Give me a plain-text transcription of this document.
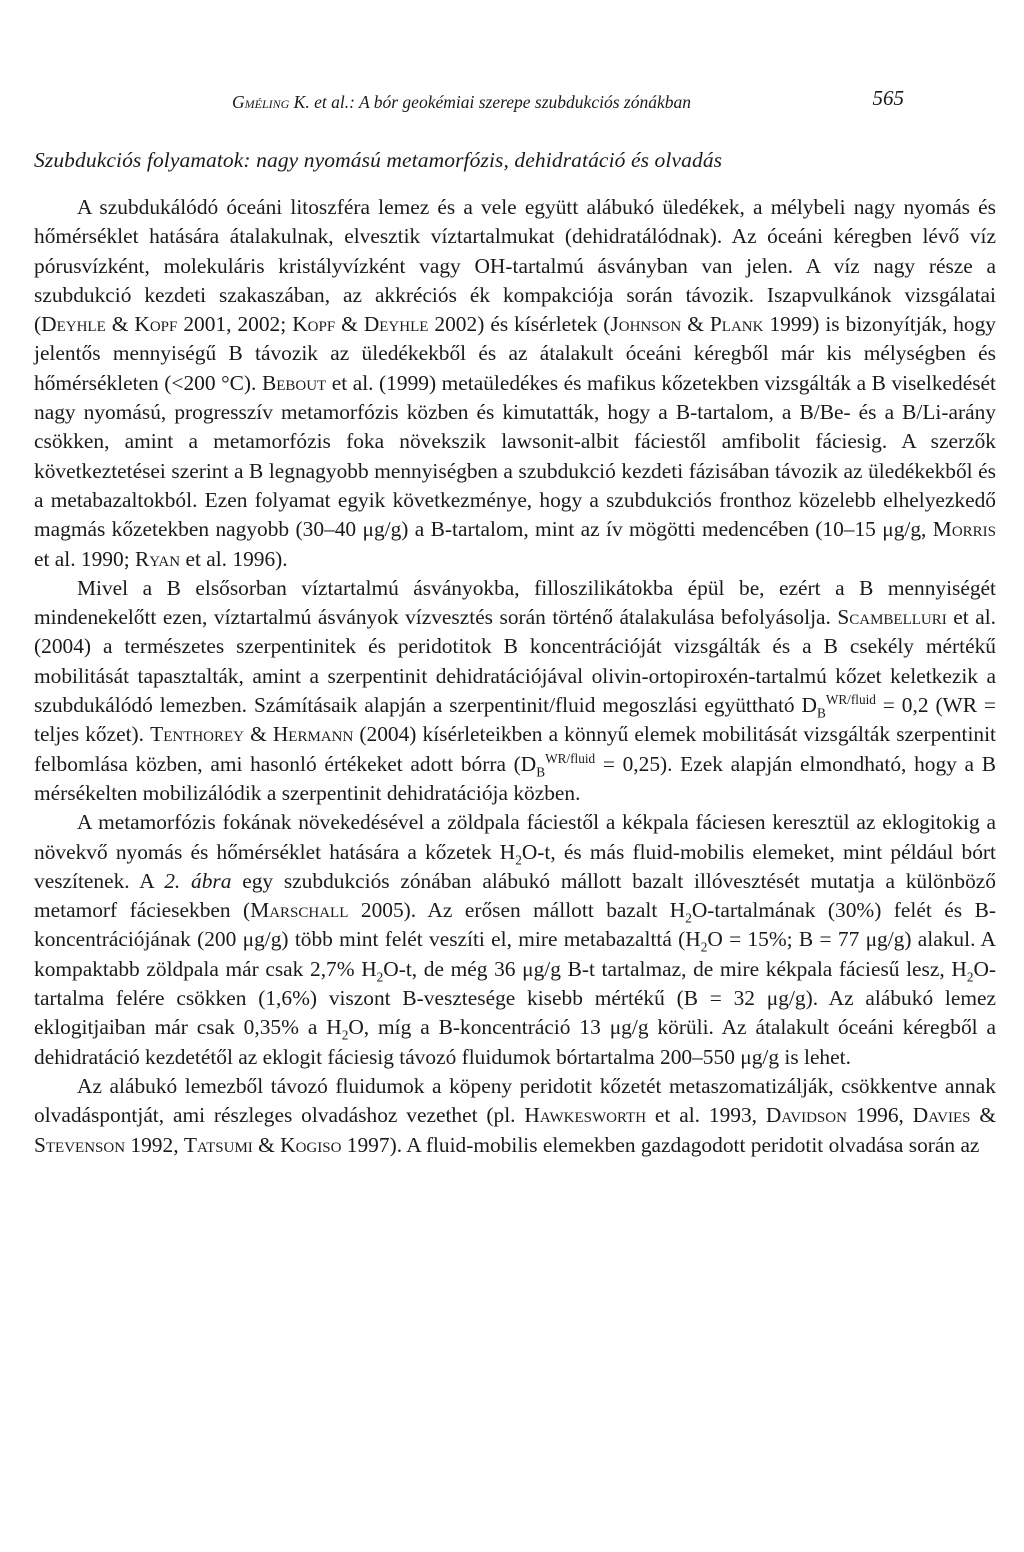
Gméling K. et al.: A bór geokémiai szerepe szubdukciós zónákban	565
Szubdukciós folyamatok: nagy nyomású metamorfózis, dehidratáció és olvadás

A szubdukálódó óceáni litoszféra lemez és a vele együtt alábukó üledékek, a mélybeli nagy nyomás és hőmérséklet hatására átalakulnak, elvesztik víztartalmukat (dehidratálódnak). Az óceáni kéregben lévő víz pórusvízként, molekuláris kristályvízként vagy OH-tartalmú ásványban van jelen. A víz nagy része a szubdukció kezdeti szakaszában, az akkréciós ék kompakciója során távozik. Iszapvulkánok vizsgálatai (Deyhle & Kopf 2001, 2002; Kopf & Deyhle 2002) és kísérletek (Johnson & Plank 1999) is bizonyítják, hogy jelentős mennyiségű B távozik az üledékekből és az átalakult óceáni kéregből már kis mélységben és hőmérsékleten (<200 °C). Bebout et al. (1999) metaüledékes és mafikus kőzetekben vizsgálták a B viselkedését nagy nyomású, progresszív metamorfózis közben és kimutatták, hogy a B-tartalom, a B/Be- és a B/Li-arány csökken, amint a metamorfózis foka növekszik lawsonit-albit fáciestől amfibolit fáciesig. A szerzők következtetései szerint a B legnagyobb mennyiségben a szubdukció kezdeti fázisában távozik az üledékekből és a metabazaltokból. Ezen folyamat egyik következménye, hogy a szubdukciós fronthoz közelebb elhelyezkedő magmás kőzetekben nagyobb (30–40 μg/g) a B-tartalom, mint az ív mögötti medencében (10–15 μg/g, Morris et al. 1990; Ryan et al. 1996).

Mivel a B elsősorban víztartalmú ásványokba, filloszilikátokba épül be, ezért a B mennyiségét mindenekelőtt ezen, víztartalmú ásványok vízvesztés során történő átalakulása befolyásolja. Scambelluri et al. (2004) a természetes szerpentinitek és peridotitok B koncentrációját vizsgálták és a B csekély mértékű mobilitását tapasztalták, amint a szerpentinit dehidratációjával olivin-ortopiroxén-tartalmú kőzet keletkezik a szubdukálódó lemezben. Számításaik alapján a szerpentinit/fluid megoszlási együttható $D_B^{WR/fluid} = 0,2$ (WR = teljes kőzet). Tenthorey & Hermann (2004) kísérleteikben a könnyű elemek mobilitását vizsgálták szerpentinit felbomlása közben, ami hasonló értékeket adott bórra $(D_B^{WR/fluid} = 0,25)$. Ezek alapján elmondható, hogy a B mérsékelten mobilizálódik a szerpentinit dehidratációja közben.

A metamorfózis fokának növekedésével a zöldpala fáciestől a kékpala fáciesen keresztül az eklogitokig a növekvő nyomás és hőmérséklet hatására a kőzetek $H_2O-t$, és más fluid-mobilis elemeket, mint például bórt veszítenek. A 2. ábra egy szubdukciós zónában alábukó mállott bazalt illóvesztését mutatja a különböző metamorf fáciesekben (Marschall 2005). Az erősen mállott bazalt $H_2O$-tartalmának (30%) felét és B-koncentrációjának (200 μg/g) több mint felét veszíti el, mire metabazalttá ($H_2O = 15\%$; B = 77 μg/g) alakul. A kompaktabb zöldpala már csak 2,7% $H_2O-t$, de még 36 μg/g B-t tartalmaz, de mire kékpala fáciesű lesz, $H_2O$-tartalma felére csökken (1,6%) viszont B-vesztesége kisebb mértékű (B = 32 μg/g). Az alábukó lemez eklogitjaiban már csak 0,35% a $H_2O$, míg a B-koncentráció 13 μg/g körüli. Az átalakult óceáni kéregből a dehidratáció kezdetétől az eklogit fáciesig távozó fluidumok bórtartalma 200–550 μg/g is lehet.

Az alábukó lemezből távozó fluidumok a köpeny peridotit kőzetét metaszomatizálják, csökkentve annak olvadáspontját, ami részleges olvadáshoz vezethet (pl. Hawkesworth et al. 1993, Davidson 1996, Davies & Stevenson 1992, Tatsumi & Kogiso 1997). A fluid-mobilis elemekben gazdagodott peridotit olvadása során az
